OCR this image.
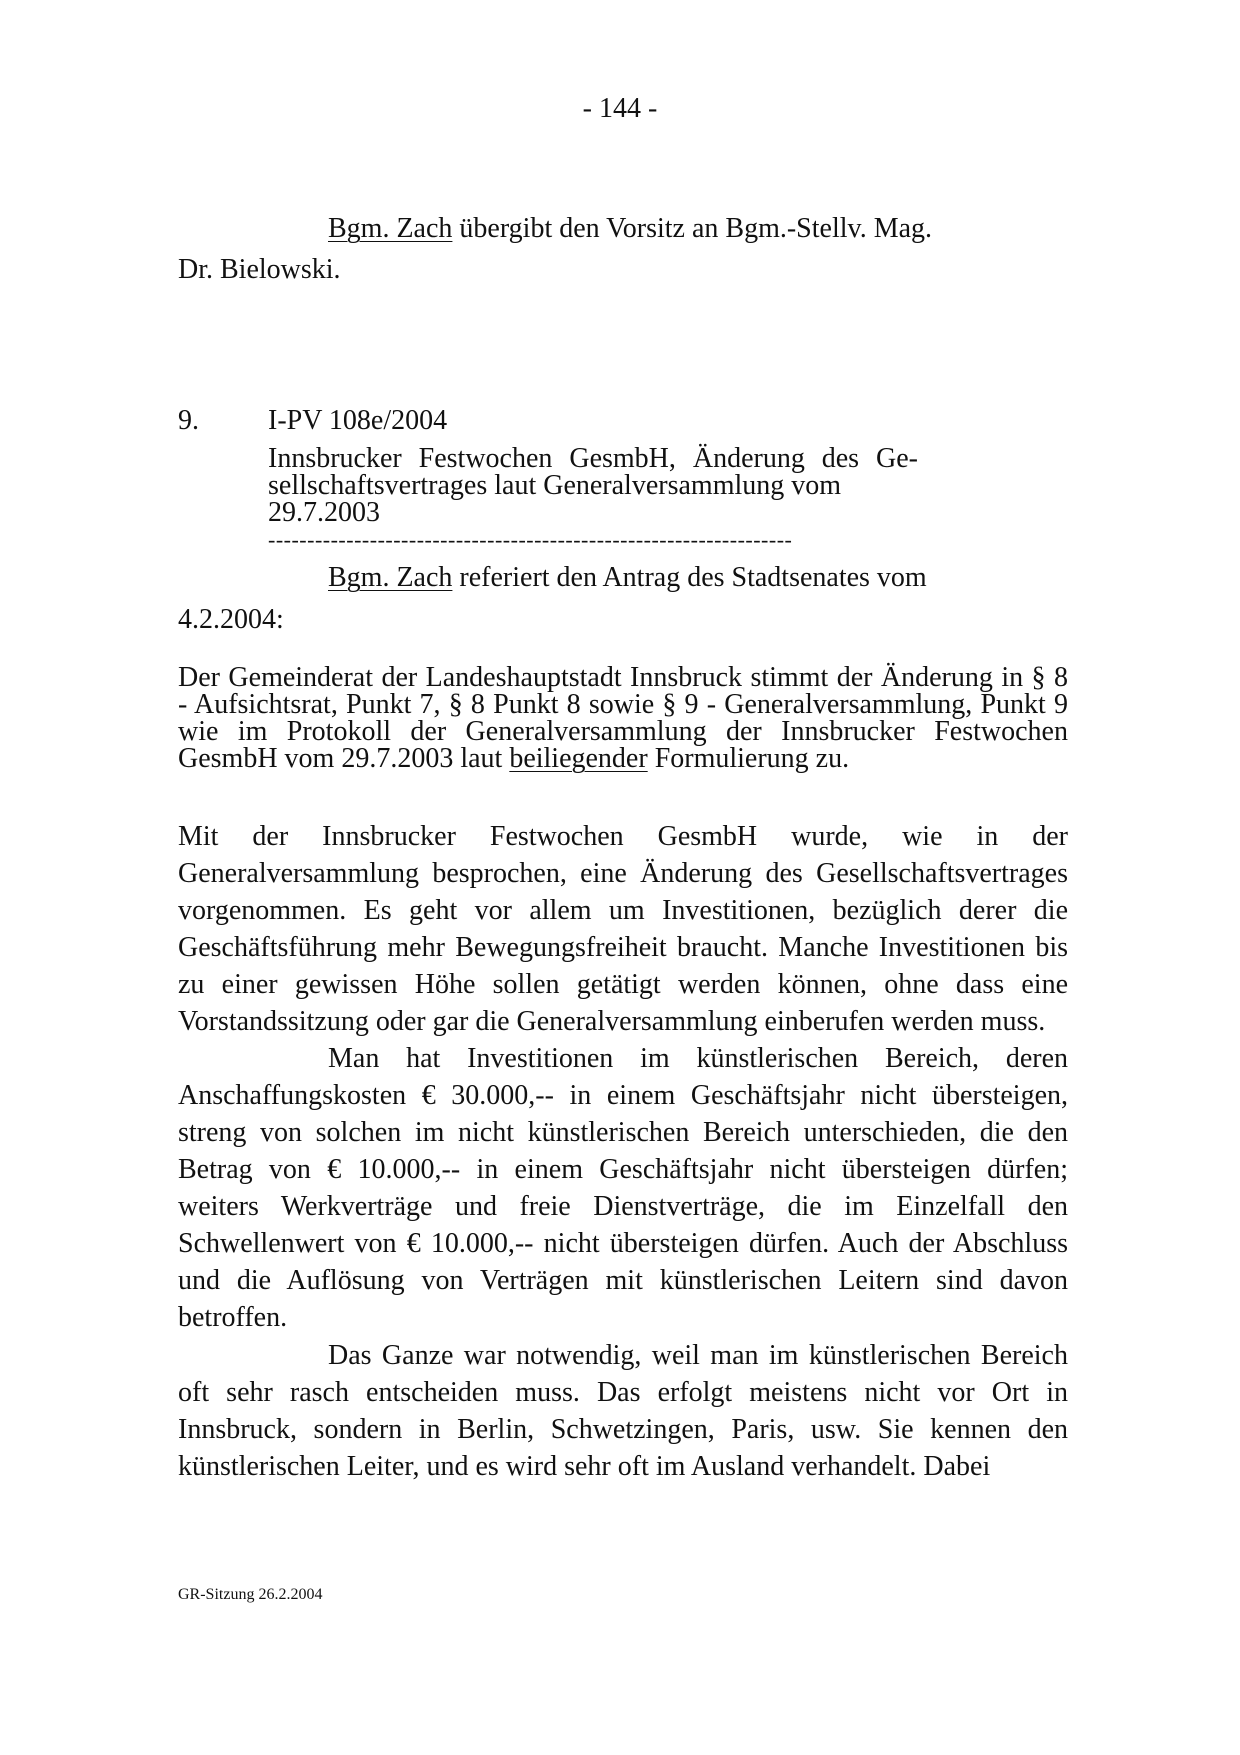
- 144 -
Bgm. Zach übergibt den Vorsitz an Bgm.-Stellv. Mag.
Dr. Bielowski.
9. I-PV 108e/2004
Innsbrucker Festwochen GesmbH, Änderung des Ge-
sellschaftsvertrages laut Generalversammlung vom
29.7.2003
-------------------------------------------------------------------
Bgm. Zach referiert den Antrag des Stadtsenates vom
4.2.2004:
Der Gemeinderat der Landeshauptstadt Innsbruck stimmt der Änderung in § 8 - Aufsichtsrat, Punkt 7, § 8 Punkt 8 sowie § 9 - Generalversammlung, Punkt 9 wie im Protokoll der Generalversammlung der Innsbrucker Festwochen GesmbH vom 29.7.2003 laut beiliegender Formulierung zu.
Mit der Innsbrucker Festwochen GesmbH wurde, wie in der Generalversammlung besprochen, eine Änderung des Gesellschaftsvertrages vorgenommen. Es geht vor allem um Investitionen, bezüglich derer die Geschäftsführung mehr Bewegungsfreiheit braucht. Manche Investitionen bis zu einer gewissen Höhe sollen getätigt werden können, ohne dass eine Vorstandssitzung oder gar die Generalversammlung einberufen werden muss.
Man hat Investitionen im künstlerischen Bereich, deren Anschaffungskosten € 30.000,-- in einem Geschäftsjahr nicht übersteigen, streng von solchen im nicht künstlerischen Bereich unterschieden, die den Betrag von € 10.000,-- in einem Geschäftsjahr nicht übersteigen dürfen; weiters Werkverträge und freie Dienstverträge, die im Einzelfall den Schwellenwert von € 10.000,-- nicht übersteigen dürfen. Auch der Abschluss und die Auflösung von Verträgen mit künstlerischen Leitern sind davon betroffen.
Das Ganze war notwendig, weil man im künstlerischen Bereich oft sehr rasch entscheiden muss. Das erfolgt meistens nicht vor Ort in Innsbruck, sondern in Berlin, Schwetzingen, Paris, usw. Sie kennen den künstlerischen Leiter, und es wird sehr oft im Ausland verhandelt. Dabei
GR-Sitzung 26.2.2004
